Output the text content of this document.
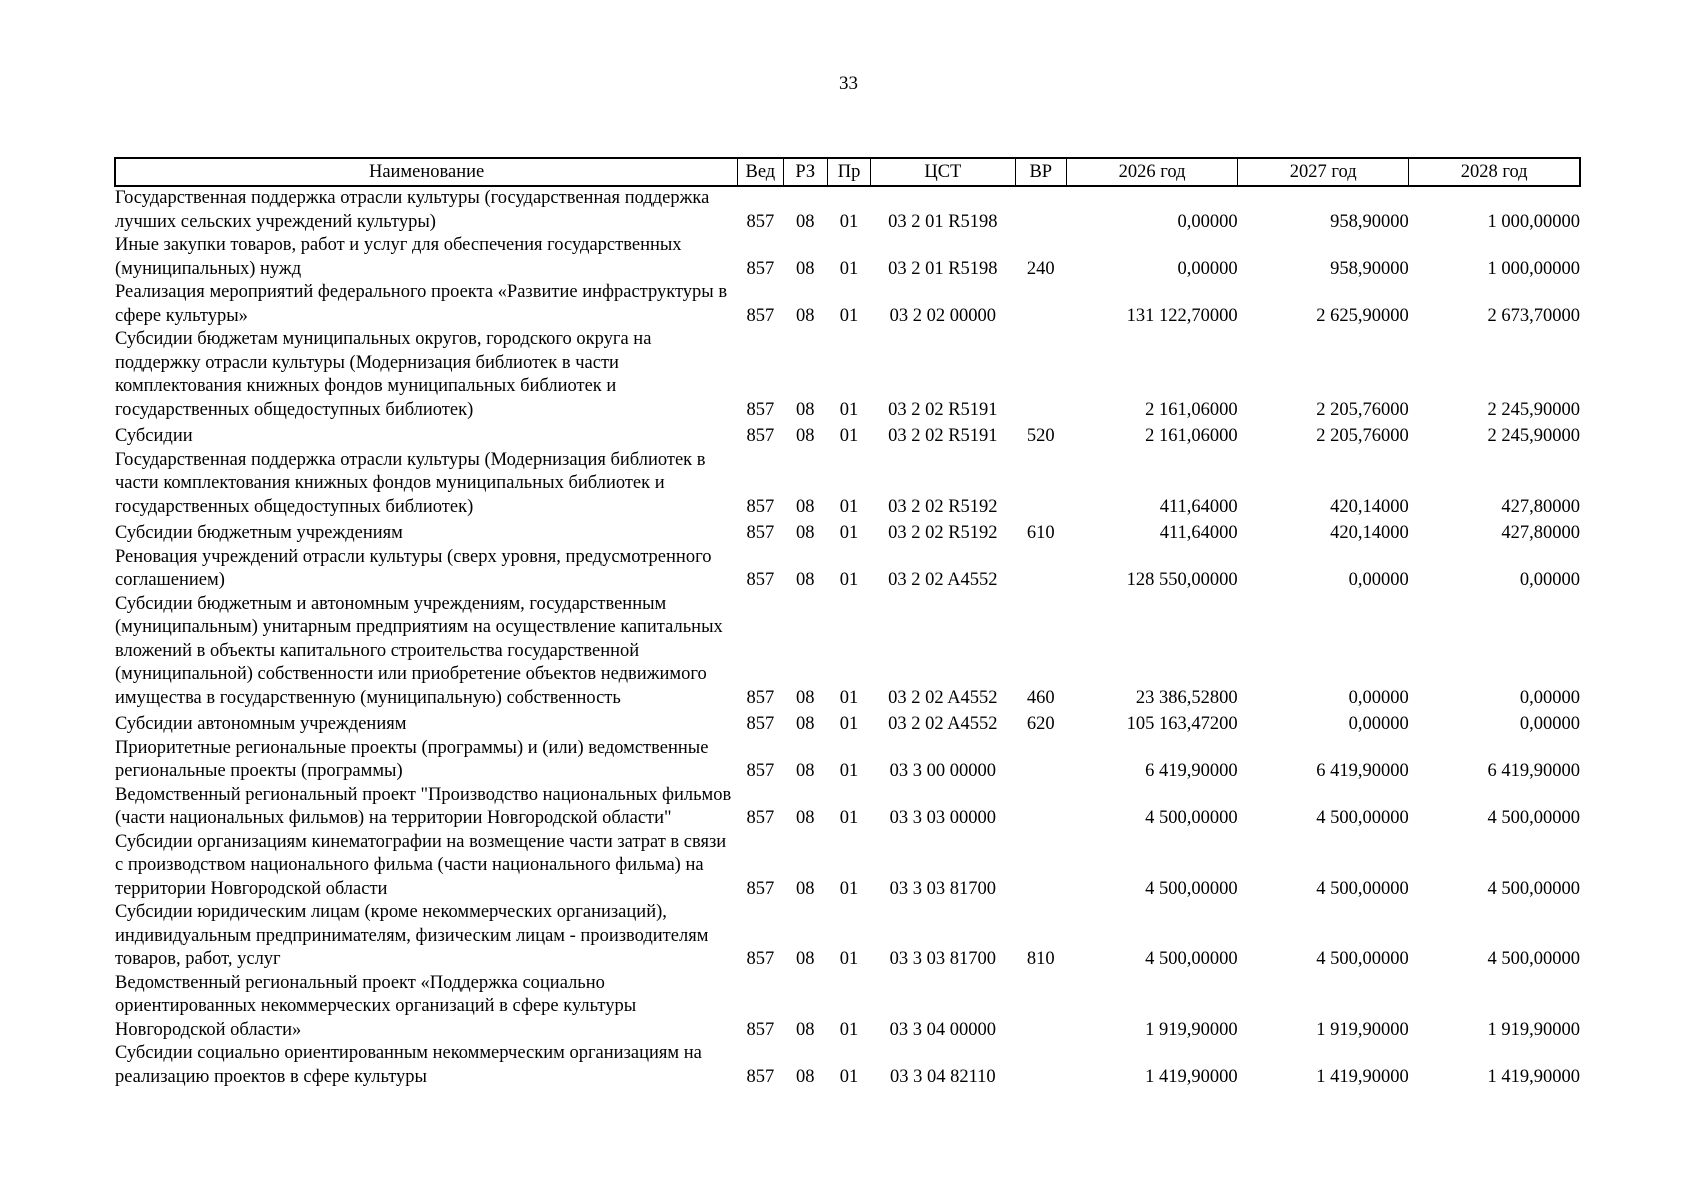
33
Наименование	Вед	РЗ	Пр	ЦСТ	ВР	2026 год	2027 год	2028 год
Государственная поддержка отрасли культуры (государственная поддержка лучших сельских учреждений культуры)	857	08	01	03 2 01 R5198		0,00000	958,90000	1 000,00000
Иные закупки товаров, работ и услуг для обеспечения государственных (муниципальных) нужд	857	08	01	03 2 01 R5198	240	0,00000	958,90000	1 000,00000
Реализация мероприятий федерального проекта «Развитие инфраструктуры в сфере культуры»	857	08	01	03 2 02 00000		131 122,70000	2 625,90000	2 673,70000
Субсидии бюджетам муниципальных округов, городского округа на поддержку отрасли культуры (Модернизация библиотек в части комплектования книжных фондов муниципальных библиотек и государственных общедоступных библиотек)	857	08	01	03 2 02 R5191		2 161,06000	2 205,76000	2 245,90000
Субсидии	857	08	01	03 2 02 R5191	520	2 161,06000	2 205,76000	2 245,90000
Государственная поддержка отрасли культуры (Модернизация библиотек в части комплектования книжных фондов муниципальных библиотек и государственных общедоступных библиотек)	857	08	01	03 2 02 R5192		411,64000	420,14000	427,80000
Субсидии бюджетным учреждениям	857	08	01	03 2 02 R5192	610	411,64000	420,14000	427,80000
Реновация учреждений отрасли культуры (сверх уровня, предусмотренного соглашением)	857	08	01	03 2 02 A4552		128 550,00000	0,00000	0,00000
Субсидии бюджетным и автономным учреждениям, государственным (муниципальным) унитарным предприятиям на осуществление капитальных вложений в объекты капитального строительства государственной (муниципальной) собственности или приобретение объектов недвижимого имущества в государственную (муниципальную) собственность	857	08	01	03 2 02 A4552	460	23 386,52800	0,00000	0,00000
Субсидии автономным учреждениям	857	08	01	03 2 02 A4552	620	105 163,47200	0,00000	0,00000
Приоритетные региональные проекты (программы) и (или) ведомственные региональные проекты (программы)	857	08	01	03 3 00 00000		6 419,90000	6 419,90000	6 419,90000
Ведомственный региональный проект "Производство национальных фильмов (части национальных фильмов) на территории Новгородской области"	857	08	01	03 3 03 00000		4 500,00000	4 500,00000	4 500,00000
Субсидии организациям кинематографии на возмещение части затрат в связи с производством национального фильма (части национального фильма) на территории Новгородской области	857	08	01	03 3 03 81700		4 500,00000	4 500,00000	4 500,00000
Субсидии юридическим лицам (кроме некоммерческих организаций), индивидуальным предпринимателям, физическим лицам - производителям товаров, работ, услуг	857	08	01	03 3 03 81700	810	4 500,00000	4 500,00000	4 500,00000
Ведомственный региональный проект «Поддержка социально ориентированных некоммерческих организаций в сфере культуры Новгородской области»	857	08	01	03 3 04 00000		1 919,90000	1 919,90000	1 919,90000
Субсидии социально ориентированным некоммерческим организациям на реализацию проектов в сфере культуры	857	08	01	03 3 04 82110		1 419,90000	1 419,90000	1 419,90000
